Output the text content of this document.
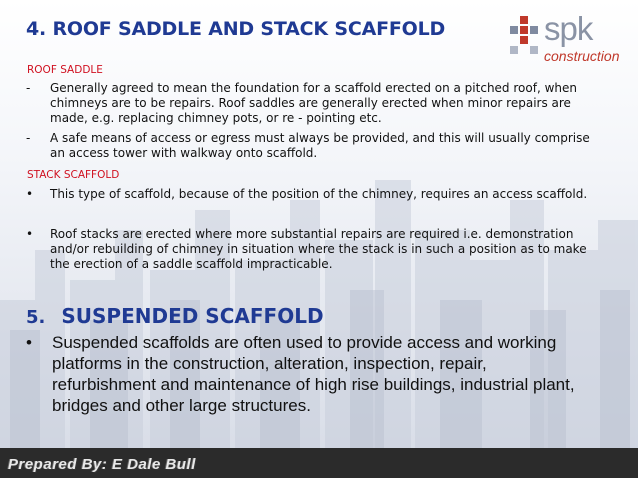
4. ROOF SADDLE AND STACK SCAFFOLD	spk
construction

ROOF SADDLE

- Generally agreed to mean the foundation for a scaffold erected on a pitched roof, when chimneys are to be repairs. Roof saddles are generally erected when minor repairs are made, e.g. replacing chimney pots, or re - pointing etc.
- A safe means of access or egress must always be provided, and this will usually comprise an access tower with walkway onto scaffold.

STACK SCAFFOLD

• This type of scaffold, because of the position of the chimney, requires an access scaffold.
• Roof stacks are erected where more substantial repairs are required i.e. demonstration and/or rebuilding of chimney in situation where the stack is in such a position as to make the erection of a saddle scaffold impracticable.
5. SUSPENDED SCAFFOLD
• Suspended scaffolds are often used to provide access and working platforms in the construction, alteration, inspection, repair, refurbishment and maintenance of high rise buildings, industrial plant, bridges and other large structures.

Prepared By: E Dale Bull
